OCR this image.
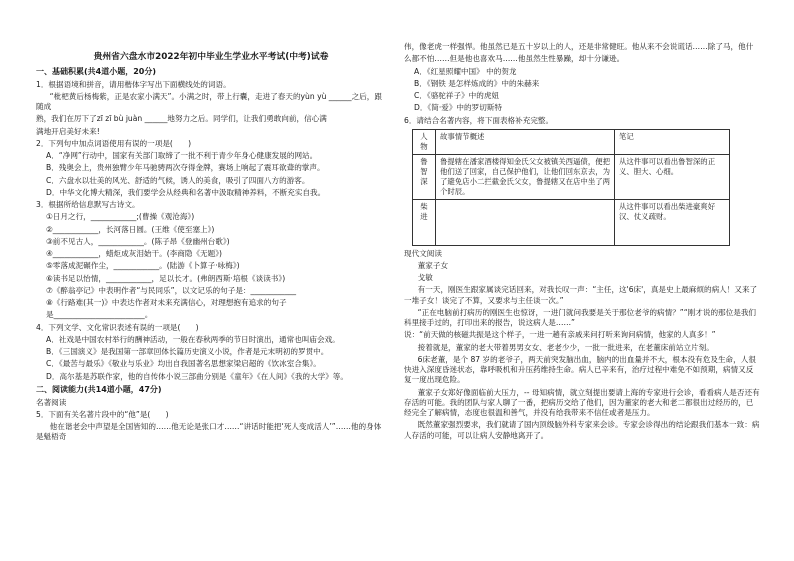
贵州省六盘水市2022年初中毕业生学业水平考试(中考)试卷
一、基础积累(共4道小题，20分)
1．根据语境和拼音，请用楷体字写出下面横线处的词语。
“枇杷黄后杨梅紫，正是农家小满天”。小满之时，带上行囊，走进了春天的yùn yù ______之后，跟随成
熟，我们在厉下了zī zī bù juàn ______地努力之后。同学们，让我们勇敢向前，信心满
满地开启美好未来!
2．下列句中加点词语使用有误的一项是(　　)
A．“净网”行动中，国家有关部门取缔了一批不利于青少年身心健康发展的网站。
B．残奥会上，贵州独臂少年马驰骋两次夺得金牌，赛场上响起了震耳欲聋的掌声。
C．六盘水以壮美的风光、舒适的气候，诱人的美食，吸引了四面八方的游客。
D．中华文化博大精深，我们要学会从经典和名著中汲取精神养料，不断充实自我。
3．根据所给信息默写古诗文。
①日月之行，____________;(曹操《观沧海》)
②____________，长河落日圆。(王维《使至塞上》)
③前不见古人，____________。(陈子昂《登幽州台歌》)
④____________，蜡炬成灰泪始干。(李商隐《无题》)
⑤零落成泥碾作尘，____________。(陆游《卜算子·咏梅》)
⑥读书足以怡情，____________，足以长才。(弗朗西斯·培根《谈读书》)
⑦《醉翁亭记》中表明作者“与民同乐”，以文记乐的句子是：____________
⑧《行路难(其一)》中表达作者对未来充满信心，对理想抱有追求的句子
是________________________。
4．下列文学、文化常识表述有误的一项是(　　)
A．社戏是中国农村举行的酬神活动，一般在春秋两季的节日时演出，通常也叫庙会戏。
B．《三国演义》是我国第一部章回体长篇历史演义小说，作者是元末明初的罗贯中。
C．《最苦与最乐》《敬业与乐业》均出自我国著名思想家梁启超的《饮冰室合集》。
D．高尔基是苏联作家，他的自传体小说三部曲分别是《童年》《在人间》《我的大学》等。
二、阅读能力(共14道小题，47分)
名著阅读
5．下面有关名著片段中的“他”是(　　)
他在谐老会中声望是全国皆知的……他无论是张口才……“讲话时能把‘死人变成活人’”……他的身体是魁梧奇
伟，像老虎一样强悍。他虽然已是五十岁以上的人，还是非常健旺。他从来不会说谎话……除了马，他什
么都不怕……但是他也喜欢马……他虽然生性暴躁，却十分谦逊。
A．《红星照耀中国》 中的贺龙
B．《钢铁 是怎样炼成的》中的朱赫来
C．《骆驼祥子》中的虎妞
D．《简·爱》中的罗切斯特
6．请结合名著内容，将下面表格补充完整。
人物	故事情节概述	笔记
鲁智深	鲁提辖在潘家酒楼得知金氏父女被镇关西逼债，便把他们送了回家，自己保护他们，让他们回东京去，为了避免店小二拦截金氏父女，鲁提辖又在店中坐了两个时辰。	从这件事可以看出鲁智深的正义、胆大、心细。
柴进		从这件事可以看出柴进豪爽好汉、仗义疏财。
现代文阅读
董家子女
戈敏
有一天，刚医生跟家属谈完话回来，对我长叹一声：“主任，这'6床'，真是史上最麻烦的病人！又来了一堆子女！谈完了不算，又要求与主任谈一次。”
“正在电脑前打病历的刚医生也惊讶，一进门就问我要是关于那位老爷的病情？”“刚才说的那位是我们科里接手过的，打印出来的报告，说这病人是……”
说：“前天做的核磁共振是这个样子，一进一趟有亲戚来问打听来询问病情，他家的人真多！”
接着就是，董家的老大带着男男女女、老老少少，一批一批进来，在老董床前站立片刻。
6床老董，是个 87 岁的老爷子，两天前突发脑出血，脑内的出血量并不大，根本没有危及生命，人很快进入深度昏迷状态，靠呼吸机和升压药维持生命。病人已辛来有，治疗过程中难免不如预期，病情又反复一度出现危险。
董家子女郑好像面临前大压力，-- 母知病情，就立刻提出要请上海的专家进行会诊，看看病人是否还有存活的可能。我的团队与家人聊了一番，把病历交给了他们，因为董家的老大和老二都很出过经历的，已经完全了解病情，态度也很温和善气，并没有给我带来不信任或者是压力。
既然董家强烈要求，我们就请了国内顶级脑外科专家来会诊。专家会诊得出的结论跟我们基本一致：病人存活的可能，可以让病人安静地离开了。
